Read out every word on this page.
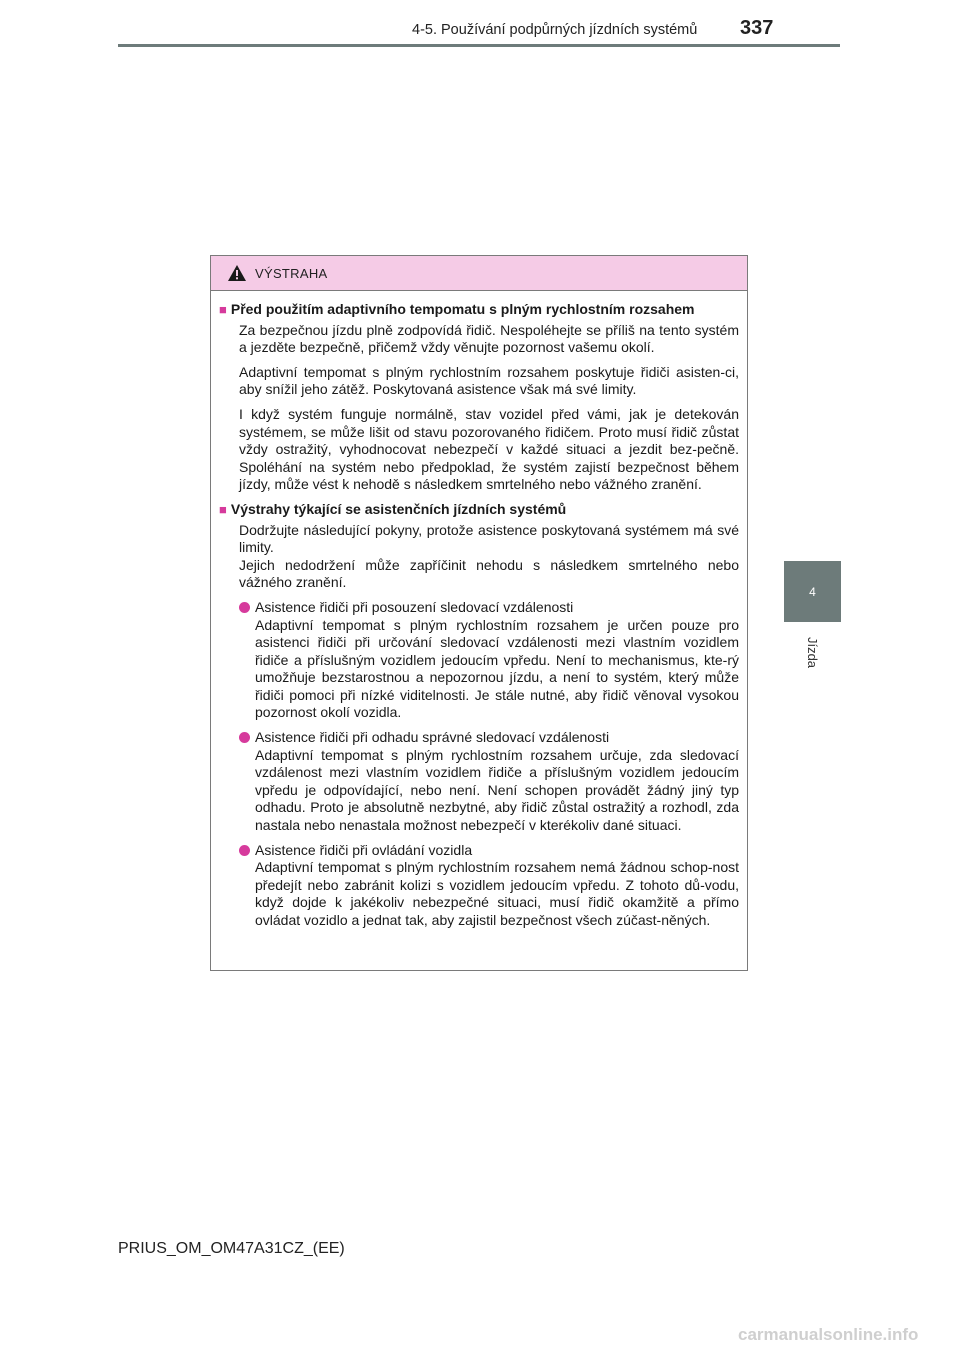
4-5. Používání podpůrných jízdních systémů 337
4
Jízda
VÝSTRAHA
■ Před použitím adaptivního tempomatu s plným rychlostním rozsahem

Za bezpečnou jízdu plně zodpovídá řidič. Nespoléhejte se příliš na tento systém a jezděte bezpečně, přičemž vždy věnujte pozornost vašemu okolí.

Adaptivní tempomat s plným rychlostním rozsahem poskytuje řidiči asisten-ci, aby snížil jeho zátěž. Poskytovaná asistence však má své limity.

I když systém funguje normálně, stav vozidel před vámi, jak je detekován systémem, se může lišit od stavu pozorovaného řidičem. Proto musí řidič zůstat vždy ostražitý, vyhodnocovat nebezpečí v každé situaci a jezdit bez-pečně. Spoléhání na systém nebo předpoklad, že systém zajistí bezpečnost během jízdy, může vést k nehodě s následkem smrtelného nebo vážného zranění.

■ Výstrahy týkající se asistenčních jízdních systémů

Dodržujte následující pokyny, protože asistence poskytovaná systémem má své limity.

Jejich nedodržení může zapříčinit nehodu s následkem smrtelného nebo vážného zranění.

Asistence řidiči při posouzení sledovací vzdálenosti
Adaptivní tempomat s plným rychlostním rozsahem je určen pouze pro asistenci řidiči při určování sledovací vzdálenosti mezi vlastním vozidlem řidiče a příslušným vozidlem jedoucím vpředu. Není to mechanismus, kte-rý umožňuje bezstarostnou a nepozornou jízdu, a není to systém, který může řidiči pomoci při nízké viditelnosti. Je stále nutné, aby řidič věnoval vysokou pozornost okolí vozidla.
Asistence řidiči při odhadu správné sledovací vzdálenosti
Adaptivní tempomat s plným rychlostním rozsahem určuje, zda sledovací vzdálenost mezi vlastním vozidlem řidiče a příslušným vozidlem jedoucím vpředu je odpovídající, nebo není. Není schopen provádět žádný jiný typ odhadu. Proto je absolutně nezbytné, aby řidič zůstal ostražitý a rozhodl, zda nastala nebo nenastala možnost nebezpečí v kterékoliv dané situaci.
Asistence řidiči při ovládání vozidla
Adaptivní tempomat s plným rychlostním rozsahem nemá žádnou schop-nost předejít nebo zabránit kolizi s vozidlem jedoucím vpředu. Z tohoto dů-vodu, když dojde k jakékoliv nebezpečné situaci, musí řidič okamžitě a přímo ovládat vozidlo a jednat tak, aby zajistil bezpečnost všech zúčast-něných.
PRIUS_OM_OM47A31CZ_(EE)
carmanualsonline.info
